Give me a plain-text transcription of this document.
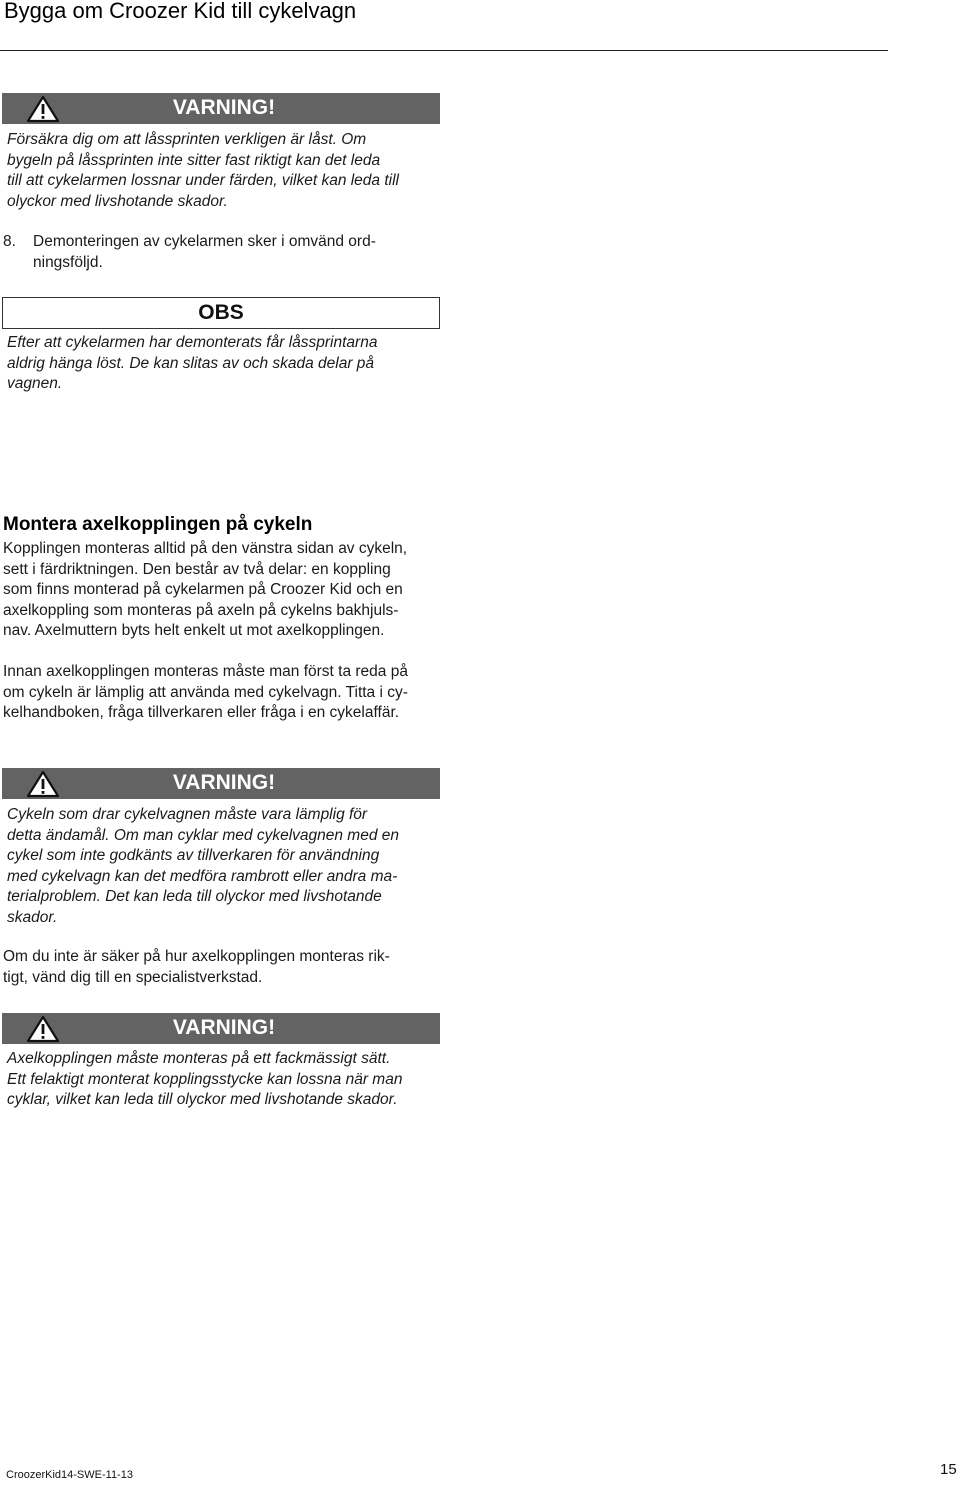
Bygga om Croozer Kid till cykelvagn
VARNING!
Försäkra dig om att låssprinten verkligen är låst. Om
bygeln på låssprinten inte sitter fast riktigt kan det leda
till att cykelarmen lossnar under färden, vilket kan leda till
olyckor med livshotande skador.
8. Demonteringen av cykelarmen sker i omvänd ord-
ningsföljd.
OBS
Efter att cykelarmen har demonterats får låssprintarna
aldrig hänga löst. De kan slitas av och skada delar på
vagnen.
Montera axelkopplingen på cykeln
Kopplingen monteras alltid på den vänstra sidan av cykeln,
sett i färdriktningen. Den består av två delar: en koppling
som finns monterad på cykelarmen på Croozer Kid och en
axelkoppling som monteras på axeln på cykelns bakhjuls-
nav. Axelmuttern byts helt enkelt ut mot axelkopplingen.
Innan axelkopplingen monteras måste man först ta reda på
om cykeln är lämplig att använda med cykelvagn. Titta i cy-
kelhandboken, fråga tillverkaren eller fråga i en cykelaffär.
VARNING!
Cykeln som drar cykelvagnen måste vara lämplig för
detta ändamål. Om man cyklar med cykelvagnen med en
cykel som inte godkänts av tillverkaren för användning
med cykelvagn kan det medföra rambrott eller andra ma-
terialproblem. Det kan leda till olyckor med livshotande
skador.
Om du inte är säker på hur axelkopplingen monteras rik-
tigt, vänd dig till en specialistverkstad.
VARNING!
Axelkopplingen måste monteras på ett fackmässigt sätt.
Ett felaktigt monterat kopplingsstycke kan lossna när man
cyklar, vilket kan leda till olyckor med livshotande skador.
CroozerKid14-SWE-11-13	15
